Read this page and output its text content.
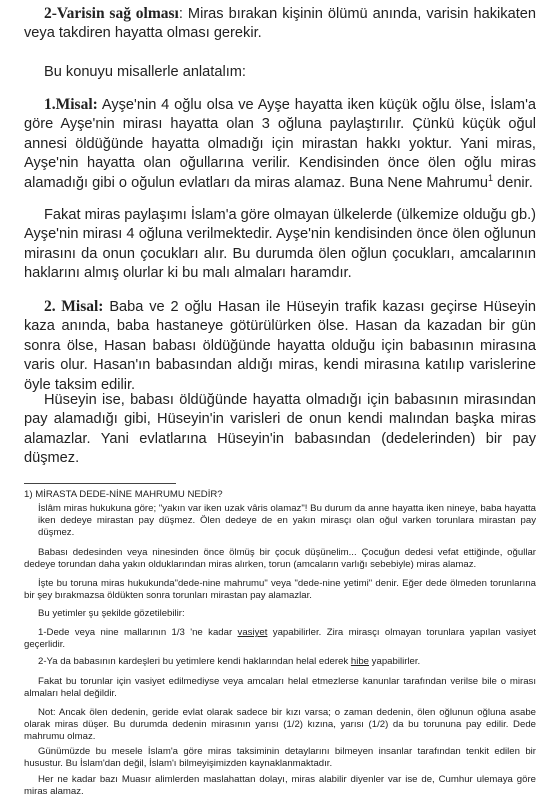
2-Varisin sağ olması: Miras bırakan kişinin ölümü anında, varisin hakikaten veya takdiren hayatta olması gerekir.

Bu konuyu misallerle anlatalım:

1.Misal: Ayşe'nin 4 oğlu olsa ve Ayşe hayatta iken küçük oğlu ölse, İslam'a göre Ayşe'nin mirası hayatta olan 3 oğluna paylaştırılır. Çünkü küçük oğul annesi öldüğünde hayatta olmadığı için mirastan hakkı yoktur. Yani miras, Ayşe'nin hayatta olan oğullarına verilir. Kendisinden önce ölen oğlu miras alamadığı gibi o oğulun evlatları da miras alamaz. Buna Nene Mahrumu$^1$ denir.

Fakat miras paylaşımı İslam'a göre olmayan ülkelerde (ülkemize olduğu gb.) Ayşe'nin mirası 4 oğluna verilmektedir. Ayşe'nin kendisinden önce ölen oğlunun mirasını da onun çocukları alır. Bu durumda ölen oğlun çocukları, amcalarının haklarını almış olurlar ki bu malı almaları haramdır.

2. Misal: Baba ve 2 oğlu Hasan ile Hüseyin trafik kazası geçirse Hüseyin kaza anında, baba hastaneye götürülürken ölse. Hasan da kazadan bir gün sonra ölse, Hasan babası öldüğünde hayatta olduğu için babasının mirasına varis olur. Hasan'ın babasından aldığı miras, kendi mirasına katılıp varislerine öyle taksim edilir.

Hüseyin ise, babası öldüğünde hayatta olmadığı için babasının mirasından pay alamadığı gibi, Hüseyin'in varisleri de onun kendi malından başka miras alamazlar. Yani evlatlarına Hüseyin'in babasından (dedelerinden) bir pay düşmez.

1) MİRASTA DEDE-NİNE MAHRUMU NEDİR?

İslâm miras hukukuna göre; "yakın var iken uzak vâris olamaz"! Bu durum da anne hayatta iken nineye, baba hayatta iken dedeye mirastan pay düşmez. Ölen dedeye de en yakın mirasçı olan oğul varken torunlara mirastan pay düşmez.

Babası dedesinden veya ninesinden önce ölmüş bir çocuk düşünelim... Çocuğun dedesi vefat ettiğinde, oğullar dedeye torundan daha yakın olduklarından miras alırken, torun (amcaların varlığı sebebiyle) miras alamaz.

İşte bu toruna miras hukukunda"dede-nine mahrumu" veya "dede-nine yetimi" denir. Eğer dede ölmeden torunlarına bir şey bırakmazsa öldükten sonra torunları mirastan pay alamazlar.

Bu yetimler şu şekilde gözetilebilir:

1-Dede veya nine mallarının 1/3 'ne kadar vasiyet yapabilirler. Zira mirasçı olmayan torunlara yapılan vasiyet geçerlidir.

2-Ya da babasının kardeşleri bu yetimlere kendi haklarından helal ederek hibe yapabilirler.

Fakat bu torunlar için vasiyet edilmediyse veya amcaları helal etmezlerse kanunlar tarafından verilse bile o mirası almaları helal değildir.

Not: Ancak ölen dedenin, geride evlat olarak sadece bir kızı varsa; o zaman dedenin, ölen oğlunun oğluna asabe olarak miras düşer. Bu durumda dedenin mirasının yarısı (1/2) kızına, yarısı (1/2) da bu torununa pay edilir. Dede mahrumu olmaz.

Günümüzde bu mesele İslam'a göre miras taksiminin detaylarını bilmeyen insanlar tarafından tenkit edilen bir husustur. Bu İslam'dan değil, İslam'ı bilmeyişimizden kaynaklanmaktadır.

Her ne kadar bazı Muasır alimlerden maslahattan dolayı, miras alabilir diyenler var ise de, Cumhur ulemaya göre miras alamaz.
